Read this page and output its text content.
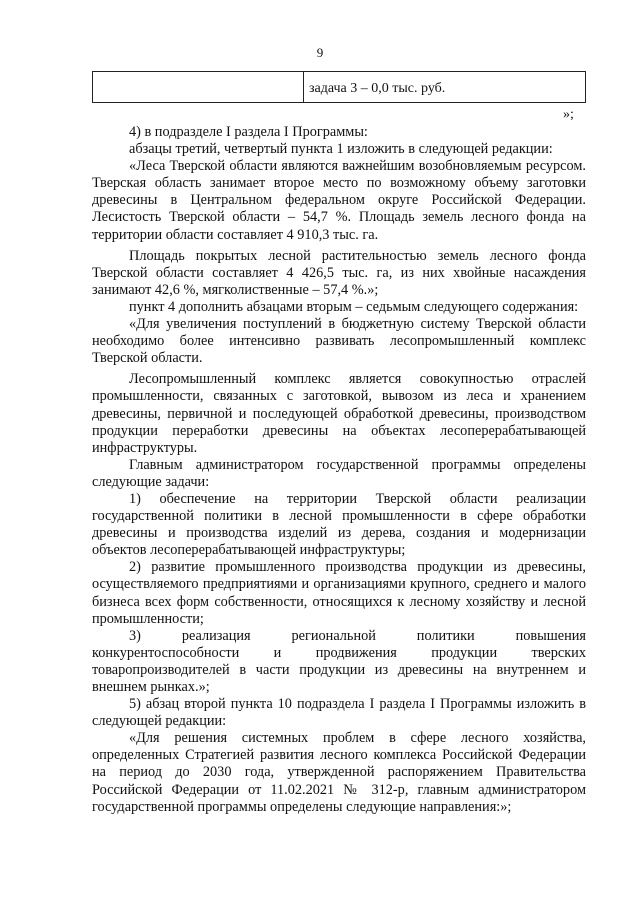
9
задача 3 – 0,0 тыс. руб.
»;

4) в подразделе I раздела I Программы:

абзацы третий, четвертый пункта 1 изложить в следующей редакции:

«Леса Тверской области являются важнейшим возобновляемым ресурсом. Тверская область занимает второе место по возможному объему заготовки древесины в Центральном федеральном округе Российской Федерации. Лесистость Тверской области – 54,7 %. Площадь земель лесного фонда на территории области составляет 4 910,3 тыс. га.

Площадь покрытых лесной растительностью земель лесного фонда Тверской области составляет 4 426,5 тыс. га, из них хвойные насаждения занимают 42,6 %, мягколиственные – 57,4 %.»;

пункт 4 дополнить абзацами вторым – седьмым следующего содержания:

«Для увеличения поступлений в бюджетную систему Тверской области необходимо более интенсивно развивать лесопромышленный комплекс Тверской области.

Лесопромышленный комплекс является совокупностью отраслей промышленности, связанных с заготовкой, вывозом из леса и хранением древесины, первичной и последующей обработкой древесины, производством продукции переработки древесины на объектах лесоперерабатывающей инфраструктуры.

Главным администратором государственной программы определены следующие задачи:

1) обеспечение на территории Тверской области реализации государственной политики в лесной промышленности в сфере обработки древесины и производства изделий из дерева, создания и модернизации объектов лесоперерабатывающей инфраструктуры;

2) развитие промышленного производства продукции из древесины, осуществляемого предприятиями и организациями крупного, среднего и малого бизнеса всех форм собственности, относящихся к лесному хозяйству и лесной промышленности;

3) реализация региональной политики повышения конкурентоспособности и продвижения продукции тверских товаропроизводителей в части продукции из древесины на внутреннем и внешнем рынках.»;

5) абзац второй пункта 10 подраздела I раздела I Программы изложить в следующей редакции:

«Для решения системных проблем в сфере лесного хозяйства, определенных Стратегией развития лесного комплекса Российской Федерации на период до 2030 года, утвержденной распоряжением Правительства Российской Федерации от 11.02.2021 № 312-р, главным администратором государственной программы определены следующие направления:»;
